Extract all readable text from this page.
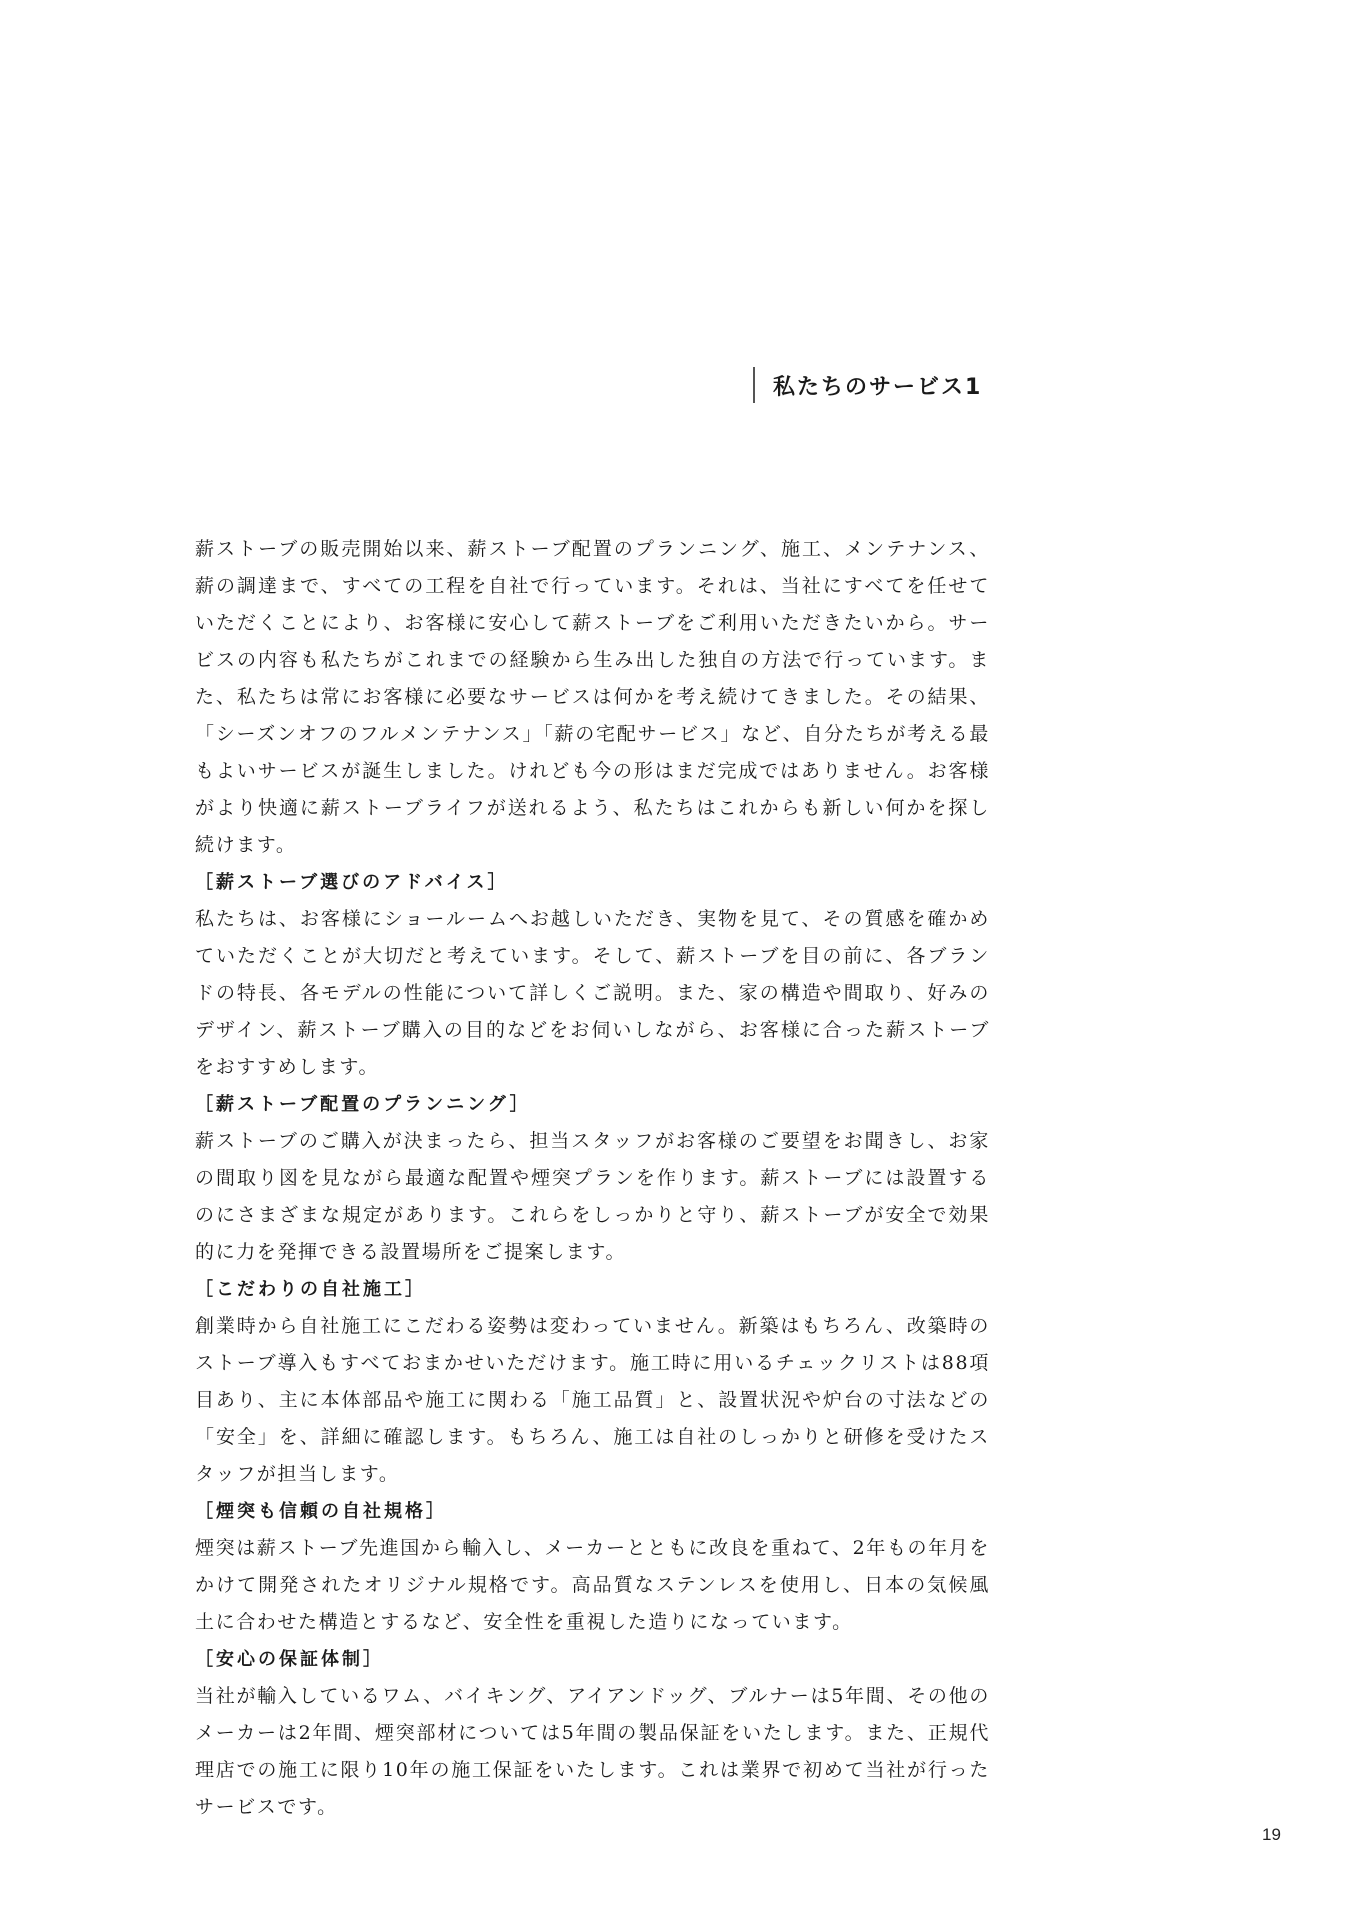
私たちのサービス1

薪ストーブの販売開始以来、薪ストーブ配置のプランニング、施工、メンテナンス、薪の調達まで、すべての工程を自社で行っています。それは、当社にすべてを任せていただくことにより、お客様に安心して薪ストーブをご利用いただきたいから。サービスの内容も私たちがこれまでの経験から生み出した独自の方法で行っています。また、私たちは常にお客様に必要なサービスは何かを考え続けてきました。その結果、「シーズンオフのフルメンテナンス」「薪の宅配サービス」など、自分たちが考える最もよいサービスが誕生しました。けれども今の形はまだ完成ではありません。お客様がより快適に薪ストーブライフが送れるよう、私たちはこれからも新しい何かを探し続けます。

［薪ストーブ選びのアドバイス］

私たちは、お客様にショールームへお越しいただき、実物を見て、その質感を確かめていただくことが大切だと考えています。そして、薪ストーブを目の前に、各ブランドの特長、各モデルの性能について詳しくご説明。また、家の構造や間取り、好みのデザイン、薪ストーブ購入の目的などをお伺いしながら、お客様に合った薪ストーブをおすすめします。

［薪ストーブ配置のプランニング］

薪ストーブのご購入が決まったら、担当スタッフがお客様のご要望をお聞きし、お家の間取り図を見ながら最適な配置や煙突プランを作ります。薪ストーブには設置するのにさまざまな規定があります。これらをしっかりと守り、薪ストーブが安全で効果的に力を発揮できる設置場所をご提案します。

［こだわりの自社施工］

創業時から自社施工にこだわる姿勢は変わっていません。新築はもちろん、改築時のストーブ導入もすべておまかせいただけます。施工時に用いるチェックリストは88項目あり、主に本体部品や施工に関わる「施工品質」と、設置状況や炉台の寸法などの「安全」を、詳細に確認します。もちろん、施工は自社のしっかりと研修を受けたスタッフが担当します。

［煙突も信頼の自社規格］

煙突は薪ストーブ先進国から輸入し、メーカーとともに改良を重ねて、2年もの年月をかけて開発されたオリジナル規格です。高品質なステンレスを使用し、日本の気候風土に合わせた構造とするなど、安全性を重視した造りになっています。

［安心の保証体制］

当社が輸入しているワム、バイキング、アイアンドッグ、ブルナーは5年間、その他のメーカーは2年間、煙突部材については5年間の製品保証をいたします。また、正規代理店での施工に限り10年の施工保証をいたします。これは業界で初めて当社が行ったサービスです。

19
